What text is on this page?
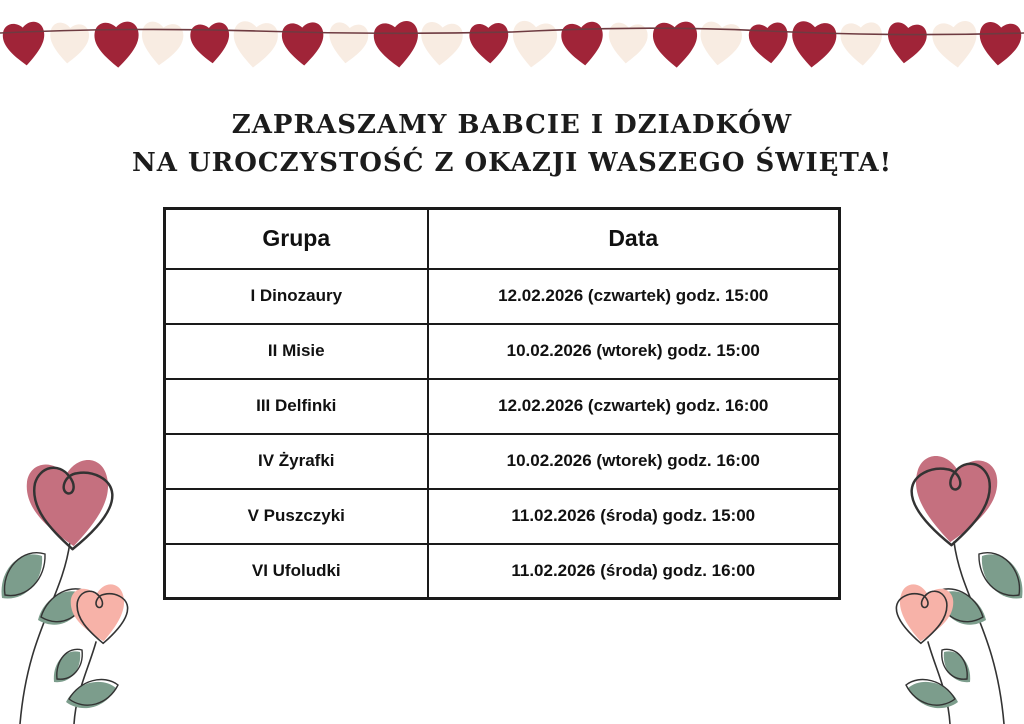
ZAPRASZAMY BABCIE I DZIADKÓW
NA UROCZYSTOŚĆ Z OKAZJI WASZEGO ŚWIĘTA!
Grupa	Data
I Dinozaury	12.02.2026 (czwartek) godz. 15:00
II Misie	10.02.2026 (wtorek) godz. 15:00
III Delfinki	12.02.2026 (czwartek) godz. 16:00
IV Żyrafki	10.02.2026 (wtorek) godz. 16:00
V Puszczyki	11.02.2026 (środa) godz. 15:00
VI Ufoludki	11.02.2026 (środa) godz. 16:00
